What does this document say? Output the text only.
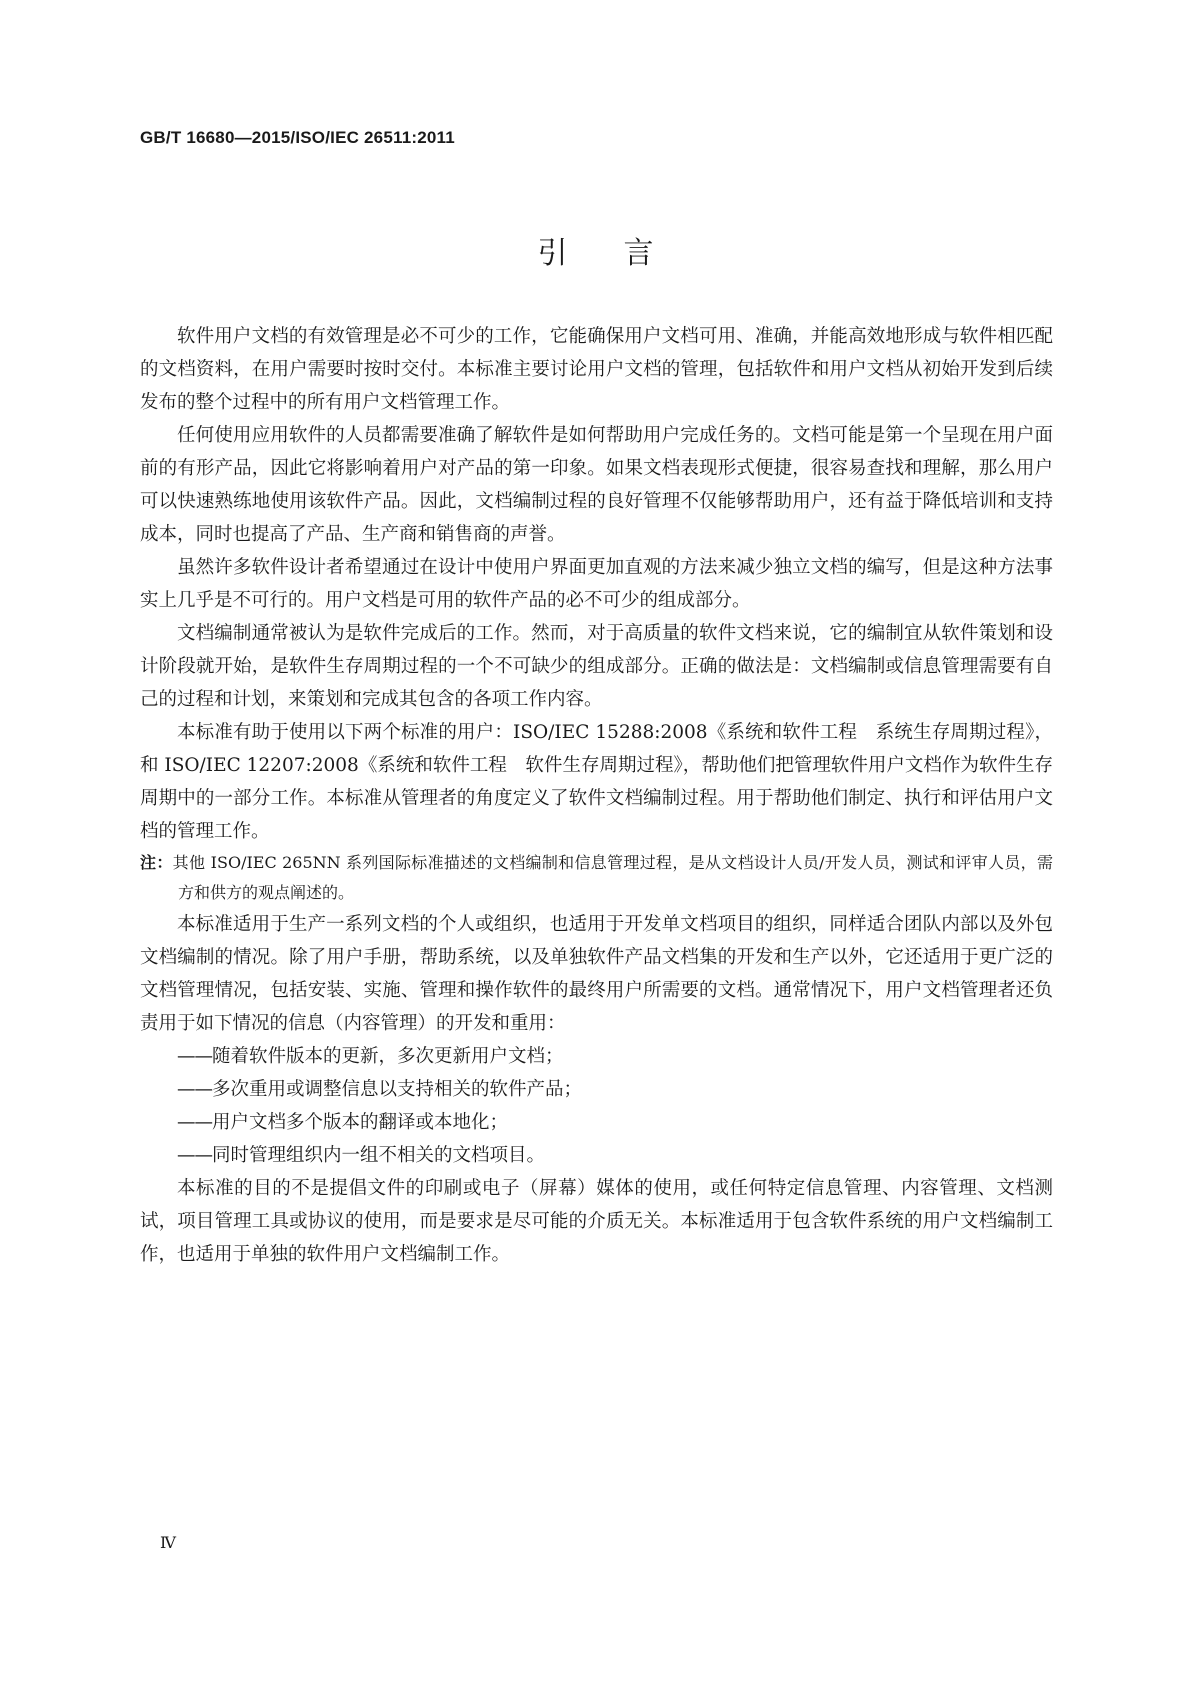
GB/T 16680—2015/ISO/IEC 26511:2011
引言

软件用户文档的有效管理是必不可少的工作，它能确保用户文档可用、准确，并能高效地形成与软件相匹配的文档资料，在用户需要时按时交付。本标准主要讨论用户文档的管理，包括软件和用户文档从初始开发到后续发布的整个过程中的所有用户文档管理工作。

任何使用应用软件的人员都需要准确了解软件是如何帮助用户完成任务的。文档可能是第一个呈现在用户面前的有形产品，因此它将影响着用户对产品的第一印象。如果文档表现形式便捷，很容易查找和理解，那么用户可以快速熟练地使用该软件产品。因此，文档编制过程的良好管理不仅能够帮助用户，还有益于降低培训和支持成本，同时也提高了产品、生产商和销售商的声誉。

虽然许多软件设计者希望通过在设计中使用户界面更加直观的方法来减少独立文档的编写，但是这种方法事实上几乎是不可行的。用户文档是可用的软件产品的必不可少的组成部分。

文档编制通常被认为是软件完成后的工作。然而，对于高质量的软件文档来说，它的编制宜从软件策划和设计阶段就开始，是软件生存周期过程的一个不可缺少的组成部分。正确的做法是：文档编制或信息管理需要有自己的过程和计划，来策划和完成其包含的各项工作内容。

本标准有助于使用以下两个标准的用户：ISO/IEC 15288:2008《系统和软件工程　系统生存周期过程》，和 ISO/IEC 12207:2008《系统和软件工程　软件生存周期过程》，帮助他们把管理软件用户文档作为软件生存周期中的一部分工作。本标准从管理者的角度定义了软件文档编制过程。用于帮助他们制定、执行和评估用户文档的管理工作。

注：其他 ISO/IEC 265NN 系列国际标准描述的文档编制和信息管理过程，是从文档设计人员/开发人员，测试和评审人员，需方和供方的观点阐述的。

本标准适用于生产一系列文档的个人或组织，也适用于开发单文档项目的组织，同样适合团队内部以及外包文档编制的情况。除了用户手册，帮助系统，以及单独软件产品文档集的开发和生产以外，它还适用于更广泛的文档管理情况，包括安装、实施、管理和操作软件的最终用户所需要的文档。通常情况下，用户文档管理者还负责用于如下情况的信息（内容管理）的开发和重用：

——随着软件版本的更新，多次更新用户文档；
——多次重用或调整信息以支持相关的软件产品；
——用户文档多个版本的翻译或本地化；
——同时管理组织内一组不相关的文档项目。

本标准的目的不是提倡文件的印刷或电子（屏幕）媒体的使用，或任何特定信息管理、内容管理、文档测试，项目管理工具或协议的使用，而是要求是尽可能的介质无关。本标准适用于包含软件系统的用户文档编制工作，也适用于单独的软件用户文档编制工作。

Ⅳ
